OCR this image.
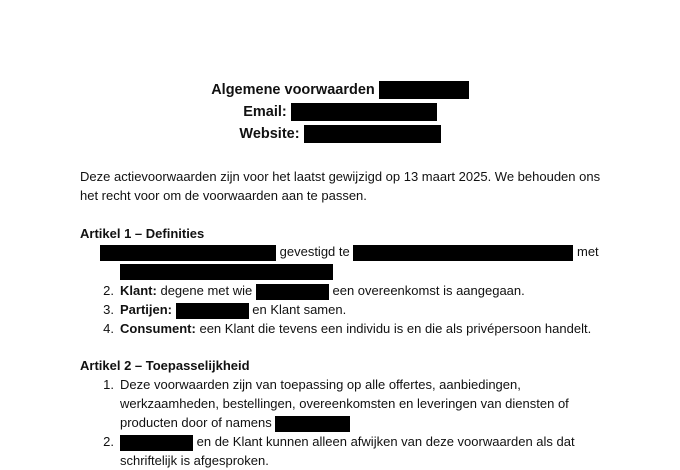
Algemene voorwaarden
Email:
Website:
Deze actievoorwaarden zijn voor het laatst gewijzigd op 13 maart 2025. We behouden ons
het recht voor om de voorwaarden aan te passen.
Artikel 1 – Definities
gevestigd te	met
2. Klant: degene met wie	een overeenkomst is aangegaan.
3. Partijen:	en Klant samen.
4. Consument: een Klant die tevens een individu is en die als privépersoon handelt.
Artikel 2 – Toepasselijkheid
1. Deze voorwaarden zijn van toepassing op alle offertes, aanbiedingen,
werkzaamheden, bestellingen, overeenkomsten en leveringen van diensten of
producten door of namens
2.	en de Klant kunnen alleen afwijken van deze voorwaarden als dat
schriftelijk is afgesproken.
